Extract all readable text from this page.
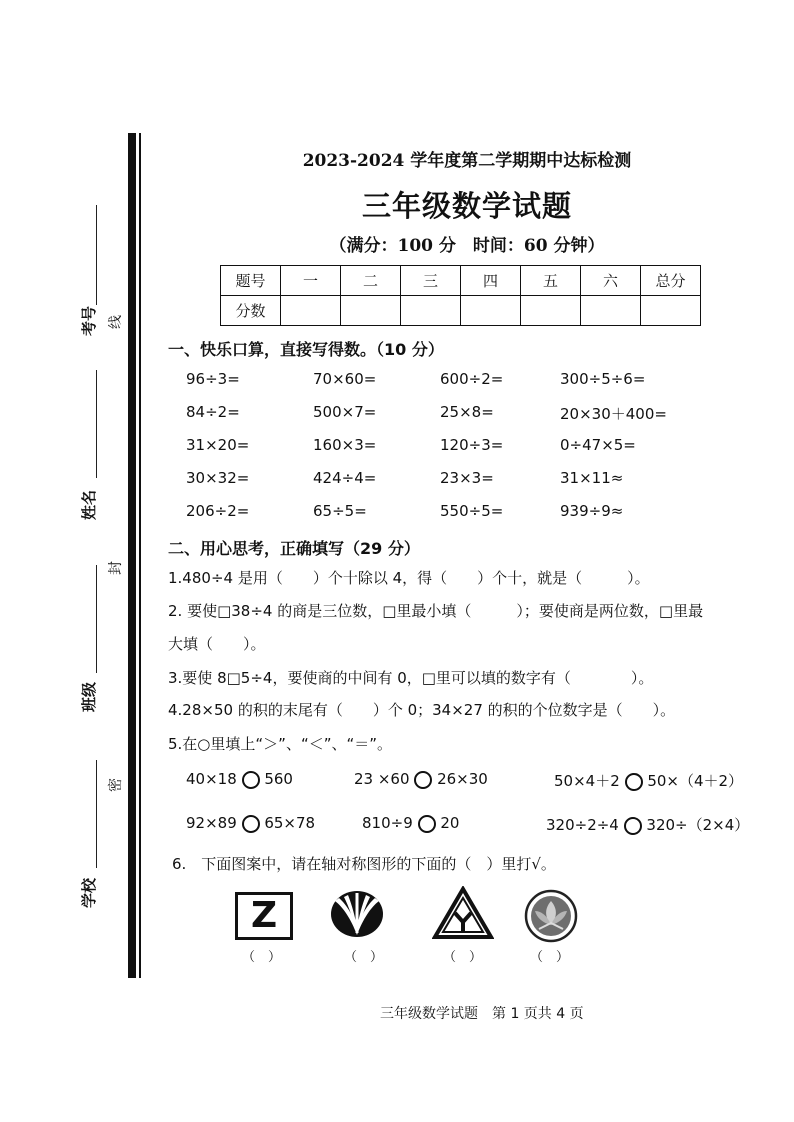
考号
姓名
班级
学校
线
封
密
2023-2024 学年度第二学期期中达标检测
三年级数学试题
（满分：100 分　时间：60 分钟）
题号	一	二	三	四	五	六	总分
分数							
一、快乐口算，直接写得数。（10 分）
96÷3=	70×60=	600÷2=	300÷5÷6=
84÷2=	500×7=	25×8=	20×30＋400=
31×20=	160×3=	120÷3=	0÷47×5=
30×32=	424÷4=	23×3=	31×11≈
206÷2=	65÷5=	550÷5=	939÷9≈
二、用心思考，正确填写（29 分）
1.480÷4 是用（　　）个十除以 4，得（　　）个十，就是（　　　）。
2. 要使□38÷4 的商是三位数，□里最小填（　　　）；要使商是两位数，□里最
大填（　　）。
3.要使 8□5÷4，要使商的中间有 0，□里可以填的数字有（　　　　）。
4.28×50 的积的末尾有（　　）个 0；34×27 的积的个位数字是（　　）。
5.在○里填上“＞”、“＜”、“＝”。
40×18 560	23 ×60 26×30	50×4＋2 50×（4＋2）
92×89 65×78	810÷9 20	320÷2÷4 320÷（2×4）
6.　下面图案中，请在轴对称图形的下面的（　）里打√。
Z
（　）	（　）	（　）	（　）
三年级数学试题　第 1 页共 4 页
